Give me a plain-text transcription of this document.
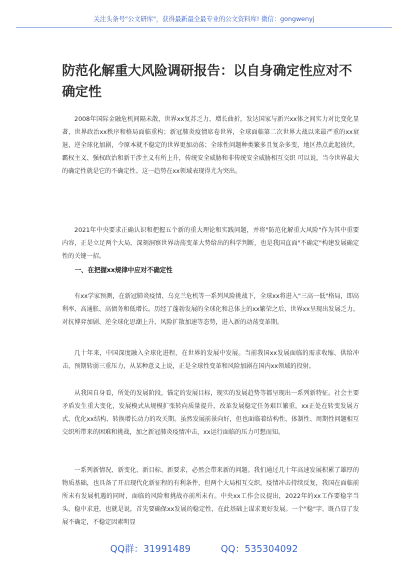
关注头条号"公文研库"，获得最新最全最专业的公文资料库! 微信：gongwenyj
防范化解重大风险调研报告：以自身确定性应对不确定性
2008年国际金融危机间隔未散，世界xx复苏乏力、增长曲折，发达国家与新兴xx体之间实力对比变化显著，世界政治xx秩序和格局面临重构；新冠肺炎疫情席卷世界，全球面临第二次世界大战以来最严重的xx衰退，逆全球化加剧，令原本就不稳定的世界更加动荡；全球性问题种类繁多且复杂多变，地区热点此起彼伏，霸权主义、强权政治和新干涉主义有所上升，传统安全威胁和非传统安全威胁相互交织 可以说，当今世界最大的确定性就是它的不确定性。这一趋势在xx领域表现得尤为突出。
2021年中央要求正确认识和把握五个新的重大理论和实践问题，并将"防范化解重大风险"作为其中重要内容，正是立足两个大局、深刻洞察世界动荡变革大势给出的科学判断，也是我国直面"不确定"构建发展确定性的关键一招。
一、在把握xx规律中应对不确定性
有xx学家预测，在新冠肺炎疫情、乌克兰危机等一系列风险挑战下，全球xx将进入"三高一低"格局，即高利率、高通胀、高债务和低增长。历经了蓬勃发展的全球化和总体上的xx繁荣之后，世界xx呈现出发展乏力、对抗博弈加剧、逆全球化思潮上升、风险扩散加速等态势，进入新的动荡变革期。
几十年来，中国深度融入全球化进程，在世界的发展中发展。当前我国xx发展面临的需求收缩、供给冲击、预期转弱三重压力，从某种意义上说，正是全球性变革和风险加剧在国内xx领域的投射。
从我国自身看，所处的发展阶段，锚定的发展目标，现实的发展趋势等都呈现出一系列新特征。社会主要矛盾发生重大变化，发展模式从规模扩张转向质量提升，改革发展稳定任务艰巨繁重，xx正处在转变发展方式、优化xx结构、转换增长动力的攻关期。虽然发展前景向好，但也面临着结构性、体制性、周期性问题相互交织所带来的困难和挑战，加之新冠肺炎疫情冲击，xx运行面临的压力可想而知。
一系列新情况、新变化、新目标、新要求，必然会带来新的问题。我们通过几十年高速发展积累了雄厚的物质基础，也具备了开启现代化新征程的有利条件，但两个大局相互交织，疫情冲击持续反复，我国在面临前所未有发展机遇的同时，面临的风险和挑战亦前所未有。中央xx工作会议提出，2022年的xx工作要稳字当头、稳中求进，也就是说，首先要确保xx发展的稳定性，在此基础上谋求更好发展。一个"稳"字，既凸显了发展不确定，不稳定因素明显
QQ群：31991489	QQ：535304092
